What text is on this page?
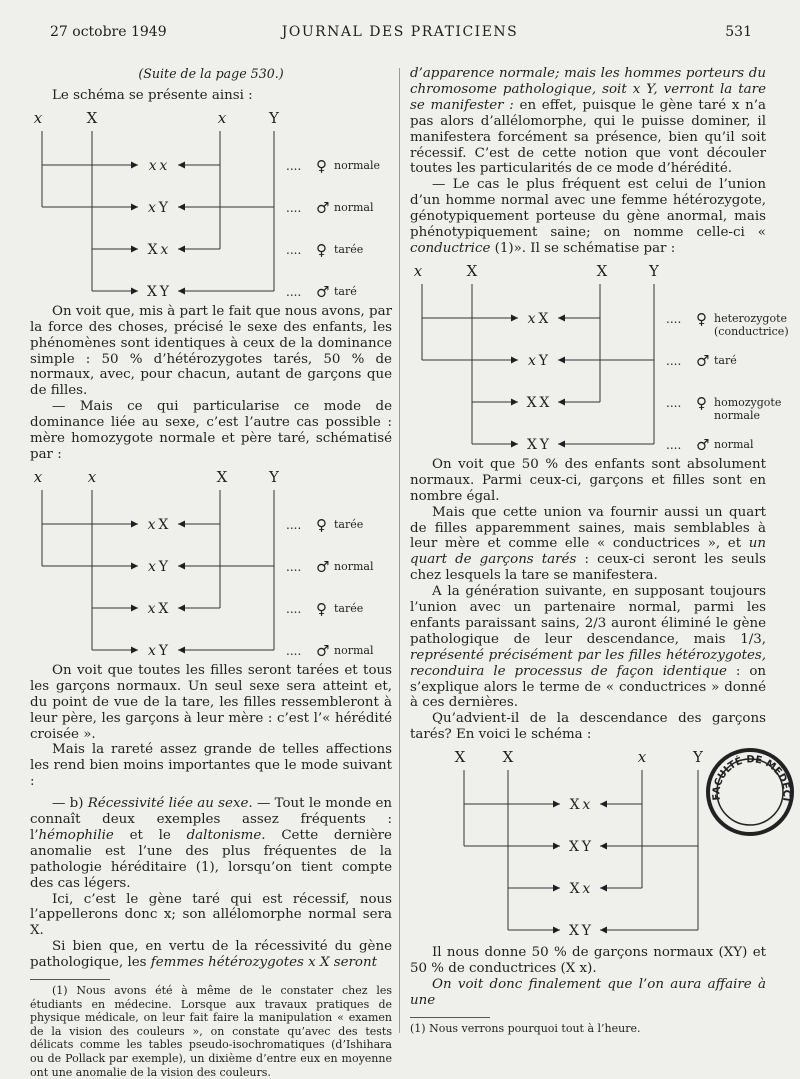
27 octobre 1949	JOURNAL DES PRATICIENS	531

(Suite de la page 530.)

Le schéma se présente ainsi :

x	X	x	Y
x x	.... ♀ normale
x Y	.... ♂ normal
X x	.... ♀ tarée
X Y	.... ♂ taré

On voit que, mis à part le fait que nous avons, par la force des choses, précisé le sexe des enfants, les phénomènes sont identiques à ceux de la dominance simple : 50 % d’hétérozygotes tarés, 50 % de normaux, avec, pour chacun, autant de garçons que de filles.

— Mais ce qui particularise ce mode de dominance liée au sexe, c’est l’autre cas possible : mère homozygote normale et père taré, schématisé par :

x	x	X	Y
x X	.... ♀ tarée
x Y	.... ♂ normal
x X	.... ♀ tarée
x Y	.... ♂ normal

On voit que toutes les filles seront tarées et tous les garçons normaux. Un seul sexe sera atteint et, du point de vue de la tare, les filles ressembleront à leur père, les garçons à leur mère : c’est l’« hérédité croisée ».

Mais la rareté assez grande de telles affections les rend bien moins importantes que le mode suivant :

— b) Récessivité liée au sexe. — Tout le monde en connaît deux exemples assez fréquents : l’hémophilie et le daltonisme. Cette dernière anomalie est l’une des plus fréquentes de la pathologie héréditaire (1), lorsqu’on tient compte des cas légers.

Ici, c’est le gène taré qui est récessif, nous l’appellerons donc x; son allélomorphe normal sera X.

Si bien que, en vertu de la récessivité du gène pathologique, les femmes hétérozygotes x X seront

(1) Nous avons été à même de le constater chez les étudiants en médecine. Lorsque aux travaux pratiques de physique médicale, on leur fait faire la manipulation « examen de la vision des couleurs », on constate qu’avec des tests délicats comme les tables pseudo-isochromatiques (d’Ishihara ou de Pollack par exemple), un dixième d’entre eux en moyenne ont une anomalie de la vision des couleurs.

d’apparence normale; mais les hommes porteurs du chromosome pathologique, soit x Y, verront la tare se manifester : en effet, puisque le gène taré x n’a pas alors d’allélomorphe, qui le puisse dominer, il manifestera forcément sa présence, bien qu’il soit récessif. C’est de cette notion que vont découler toutes les particularités de ce mode d’hérédité.

— Le cas le plus fréquent est celui de l’union d’un homme normal avec une femme hétérozygote, génotypiquement porteuse du gène anormal, mais phénotypiquement saine; on nomme celle-ci « conductrice (1)». Il se schématise par :

x	X	X	Y
x X	.... ♀ heterozygote
(conductrice)
x Y	.... ♂ taré
X X	.... ♀ homozygote
normale
X Y	.... ♂ normal

On voit que 50 % des enfants sont absolument normaux. Parmi ceux-ci, garçons et filles sont en nombre égal.

Mais que cette union va fournir aussi un quart de filles apparemment saines, mais semblables à leur mère et comme elle « conductrices », et un quart de garçons tarés : ceux-ci seront les seuls chez lesquels la tare se manifestera.

A la génération suivante, en supposant toujours l’union avec un partenaire normal, parmi les enfants paraissant sains, 2/3 auront éliminé le gène pathologique de leur descendance, mais 1/3, représenté précisément par les filles hétérozygotes, reconduira le processus de façon identique : on s’explique alors le terme de « conductrices » donné à ces dernières.

Qu’advient-il de la descendance des garçons tarés? En voici le schéma :

X X	x	Y
X x
X Y
X x
X Y

Il nous donne 50 % de garçons normaux (XY) et 50 % de conductrices (X x).

On voit donc finalement que l’on aura affaire à une

(1) Nous verrons pourquoi tout à l’heure.

FACULTÉ DE MÉDECI
